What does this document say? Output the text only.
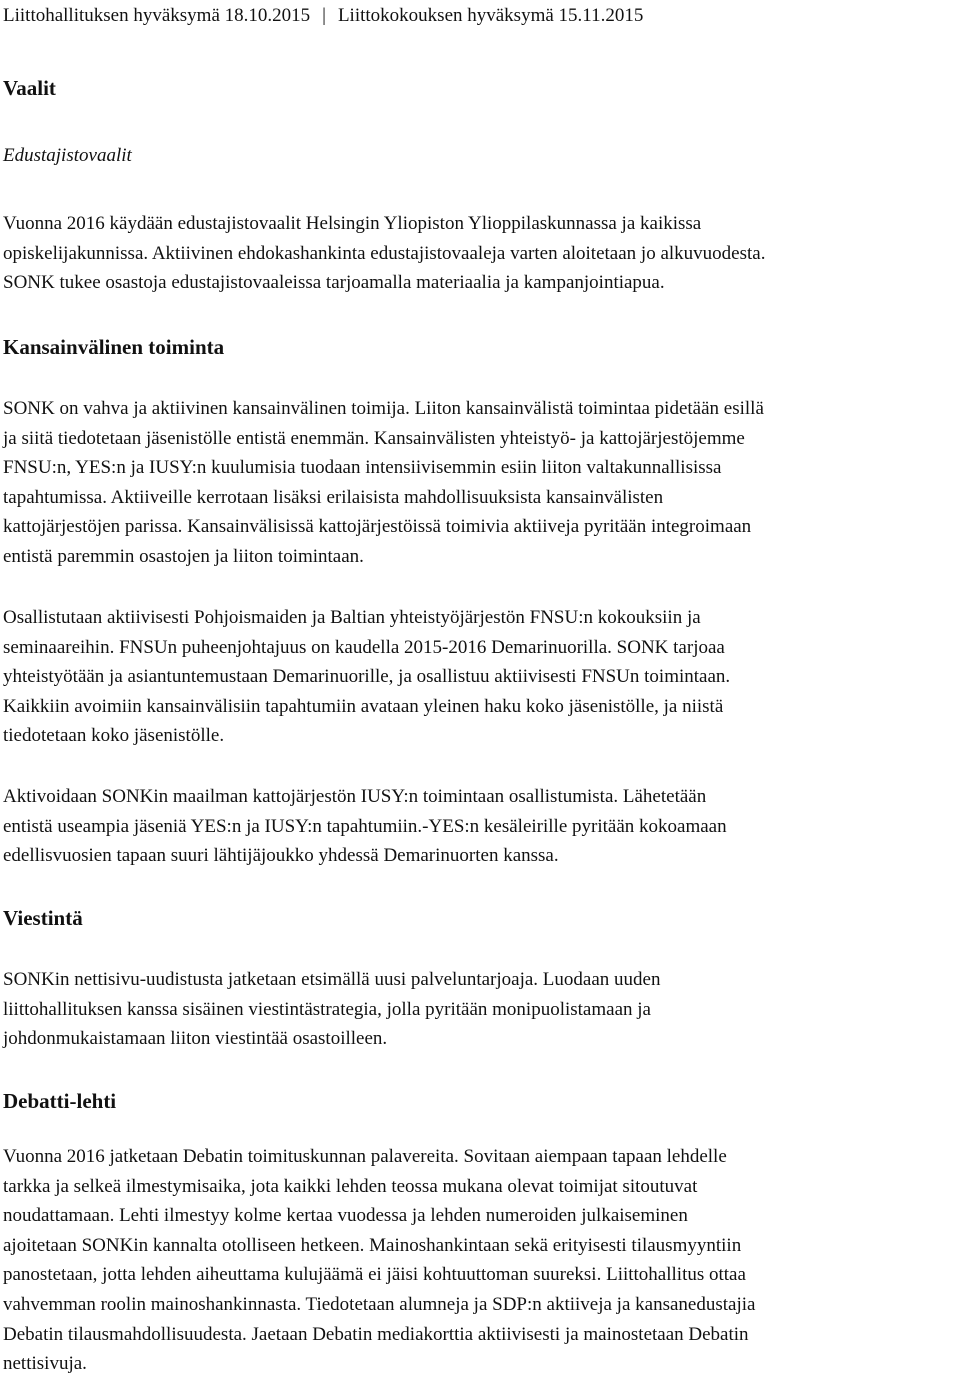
Liittohallituksen hyväksymä 18.10.2015 | Liittokokouksen hyväksymä 15.11.2015
Vaalit
Edustajistovaalit
Vuonna 2016 käydään edustajistovaalit Helsingin Yliopiston Ylioppilaskunnassa ja kaikissa
opiskelijakunnissa. Aktiivinen ehdokashankinta edustajistovaaleja varten aloitetaan jo alkuvuodesta.
SONK tukee osastoja edustajistovaaleissa tarjoamalla materiaalia ja kampanjointiapua.
Kansainvälinen toiminta
SONK on vahva ja aktiivinen kansainvälinen toimija. Liiton kansainvälistä toimintaa pidetään esillä
ja siitä tiedotetaan jäsenistölle entistä enemmän. Kansainvälisten yhteistyö- ja kattojärjestöjemme
FNSU:n, YES:n ja IUSY:n kuulumisia tuodaan intensiivisemmin esiin liiton valtakunnallisissa
tapahtumissa. Aktiiveille kerrotaan lisäksi erilaisista mahdollisuuksista kansainvälisten
kattojärjestöjen parissa. Kansainvälisissä kattojärjestöissä toimivia aktiiveja pyritään integroimaan
entistä paremmin osastojen ja liiton toimintaan.
Osallistutaan aktiivisesti Pohjoismaiden ja Baltian yhteistyöjärjestön FNSU:n kokouksiin ja
seminaareihin. FNSUn puheenjohtajuus on kaudella 2015-2016 Demarinuorilla. SONK tarjoaa
yhteistyötään ja asiantuntemustaan Demarinuorille, ja osallistuu aktiivisesti FNSUn toimintaan.
Kaikkiin avoimiin kansainvälisiin tapahtumiin avataan yleinen haku koko jäsenistölle, ja niistä
tiedotetaan koko jäsenistölle.
Aktivoidaan SONKin maailman kattojärjestön IUSY:n toimintaan osallistumista. Lähetetään
entistä useampia jäseniä YES:n ja IUSY:n tapahtumiin.-YES:n kesäleirille pyritään kokoamaan
edellisvuosien tapaan suuri lähtijäjoukko yhdessä Demarinuorten kanssa.
Viestintä
SONKin nettisivu-uudistusta jatketaan etsimällä uusi palveluntarjoaja. Luodaan uuden
liittohallituksen kanssa sisäinen viestintästrategia, jolla pyritään monipuolistamaan ja
johdonmukaistamaan liiton viestintää osastoilleen.
Debatti-lehti
Vuonna 2016 jatketaan Debatin toimituskunnan palavereita. Sovitaan aiempaan tapaan lehdelle
tarkka ja selkeä ilmestymisaika, jota kaikki lehden teossa mukana olevat toimijat sitoutuvat
noudattamaan. Lehti ilmestyy kolme kertaa vuodessa ja lehden numeroiden julkaiseminen
ajoitetaan SONKin kannalta otolliseen hetkeen. Mainoshankintaan sekä erityisesti tilausmyyntiin
panostetaan, jotta lehden aiheuttama kulujäämä ei jäisi kohtuuttoman suureksi. Liittohallitus ottaa
vahvemman roolin mainoshankinnasta. Tiedotetaan alumneja ja SDP:n aktiiveja ja kansanedustajia
Debatin tilausmahdollisuudesta. Jaetaan Debatin mediakorttia aktiivisesti ja mainostetaan Debatin
nettisivuja.
